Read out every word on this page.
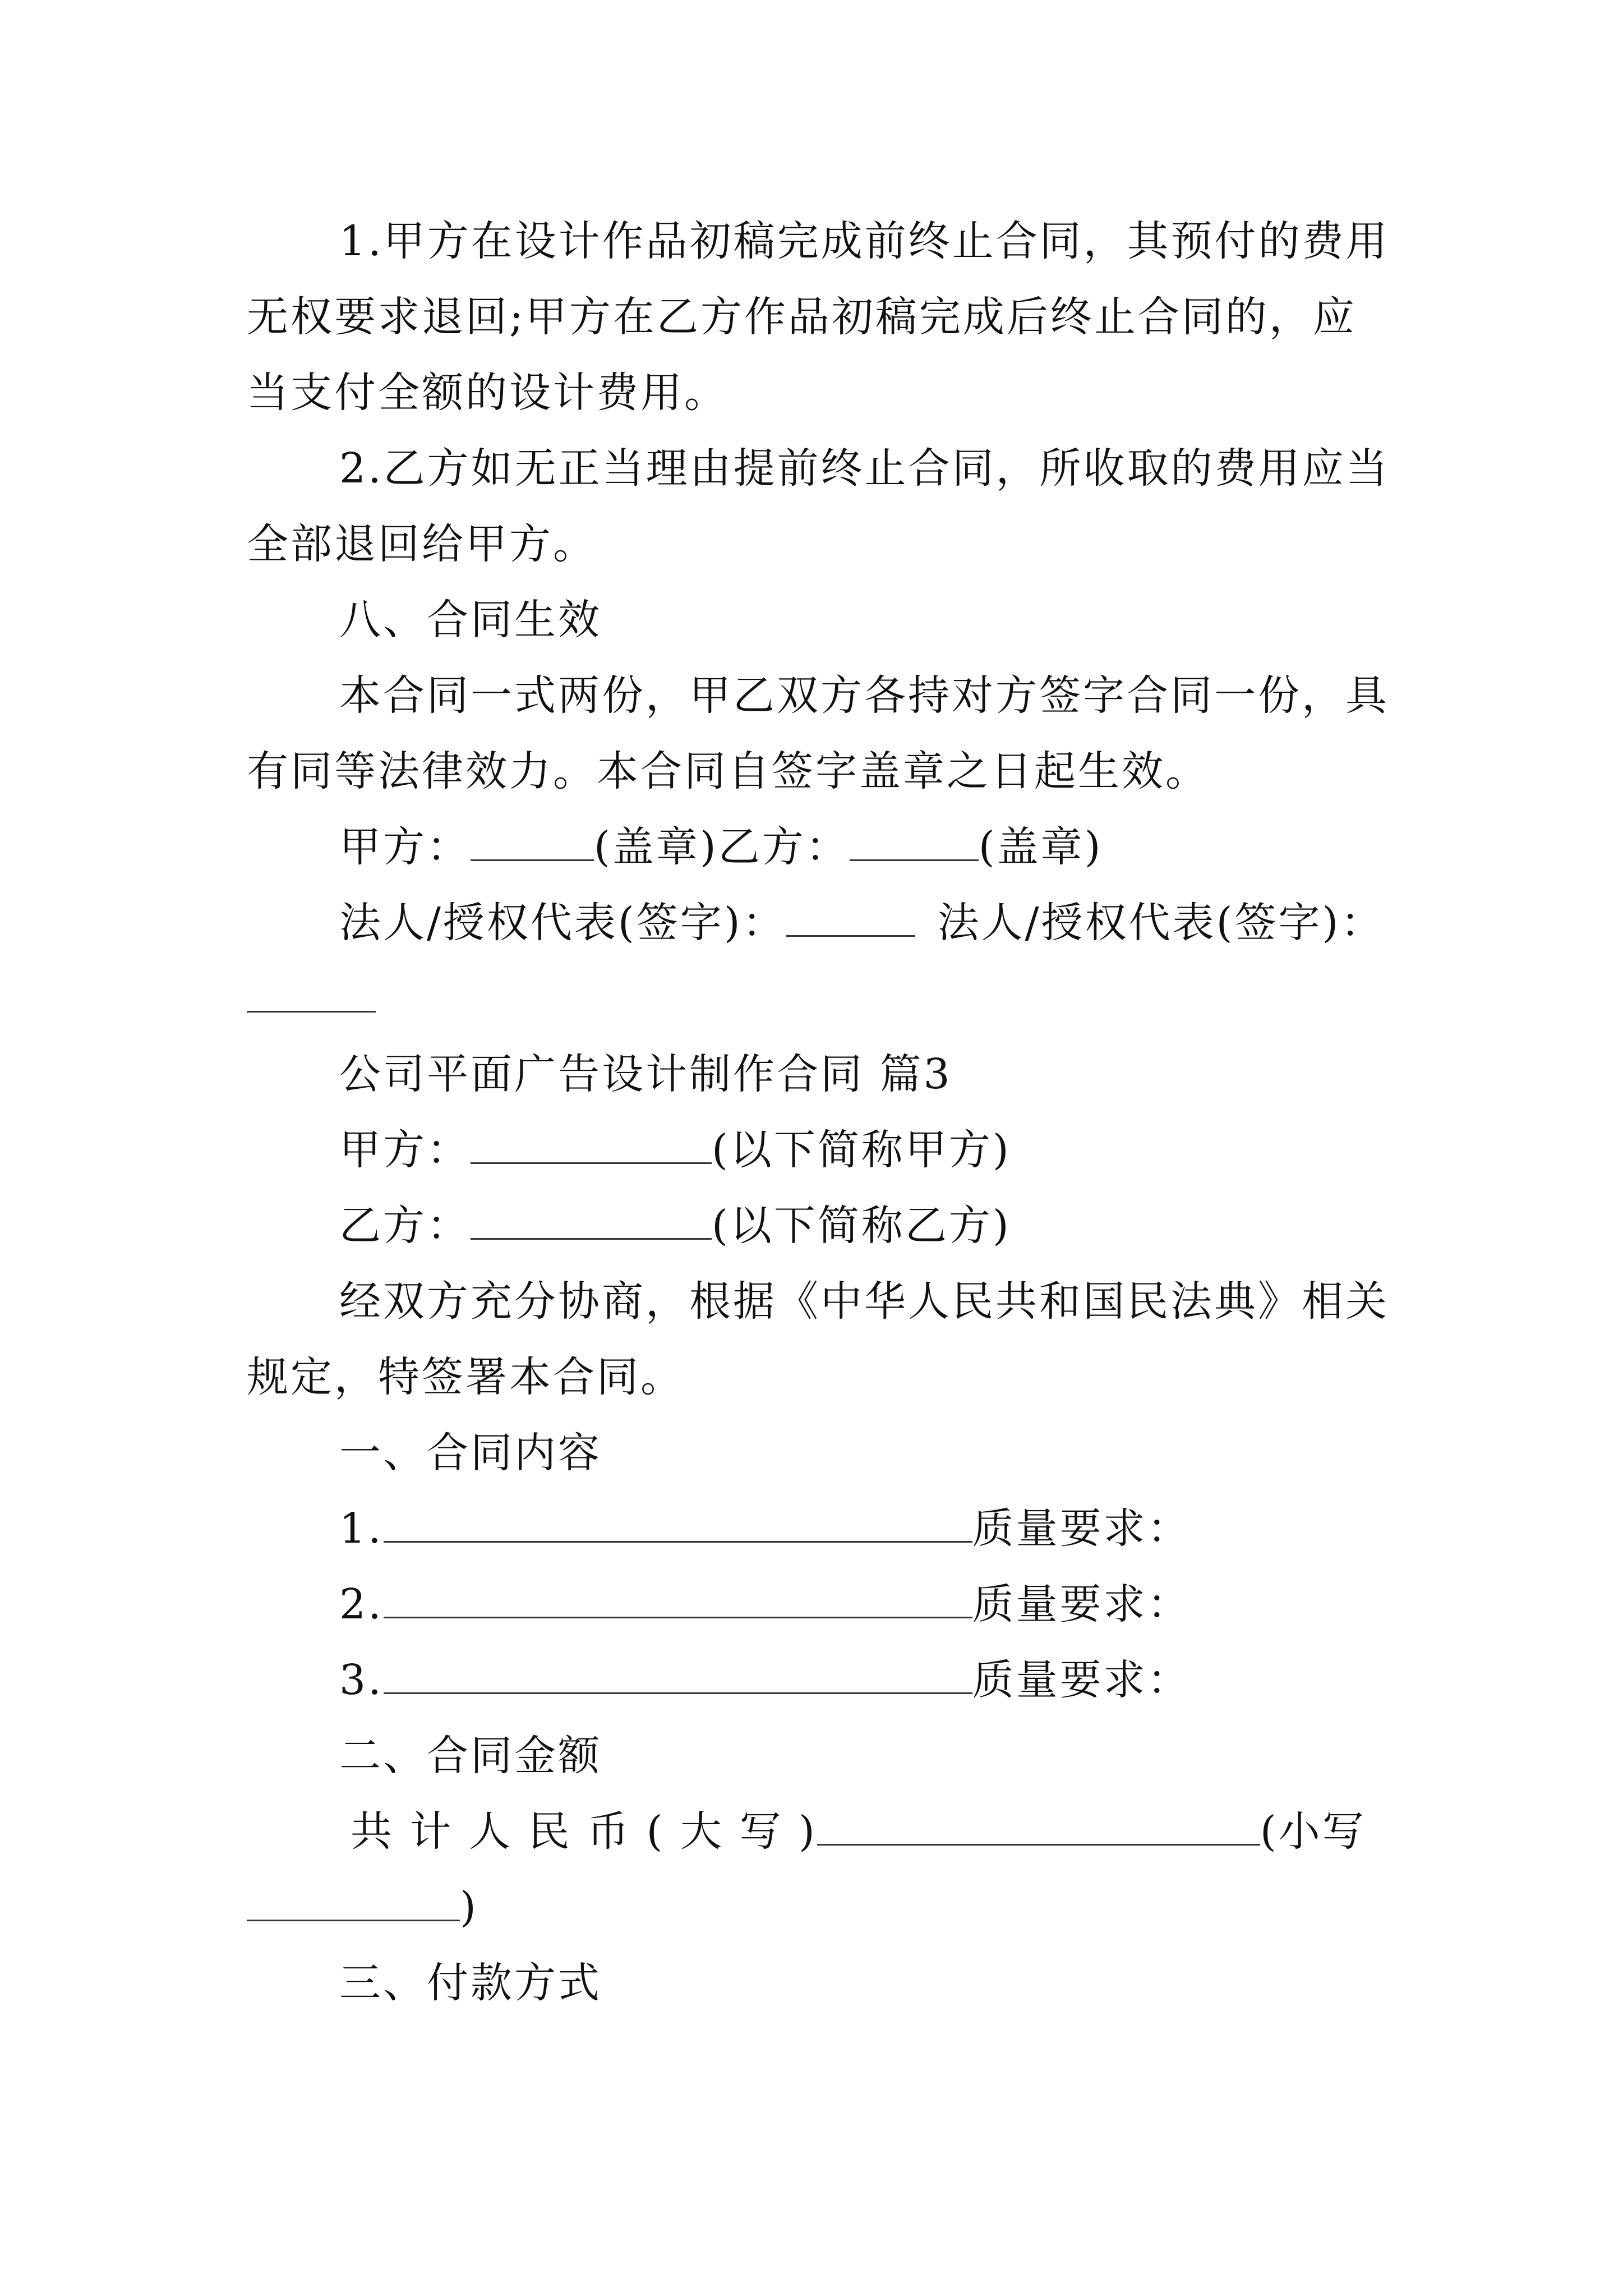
1.甲方在设计作品初稿完成前终止合同，其预付的费用
无权要求退回;甲方在乙方作品初稿完成后终止合同的，应
当支付全额的设计费用。
2.乙方如无正当理由提前终止合同，所收取的费用应当
全部退回给甲方。
八、合同生效
本合同一式两份，甲乙双方各持对方签字合同一份，具
有同等法律效力。本合同自签字盖章之日起生效。
甲方：	(盖章)乙方：	(盖章)
法人/授权代表(签字)：	法人/授权代表(签字)：
公司平面广告设计制作合同 篇3
甲方：	(以下简称甲方)
乙方：	(以下简称乙方)
经双方充分协商，根据《中华人民共和国民法典》相关
规定，特签署本合同。
一、合同内容
1.	质量要求：
2.	质量要求：
3.	质量要求：
二、合同金额
共 计 人 民 币 ( 大 写 )	(小写
)
三、付款方式
